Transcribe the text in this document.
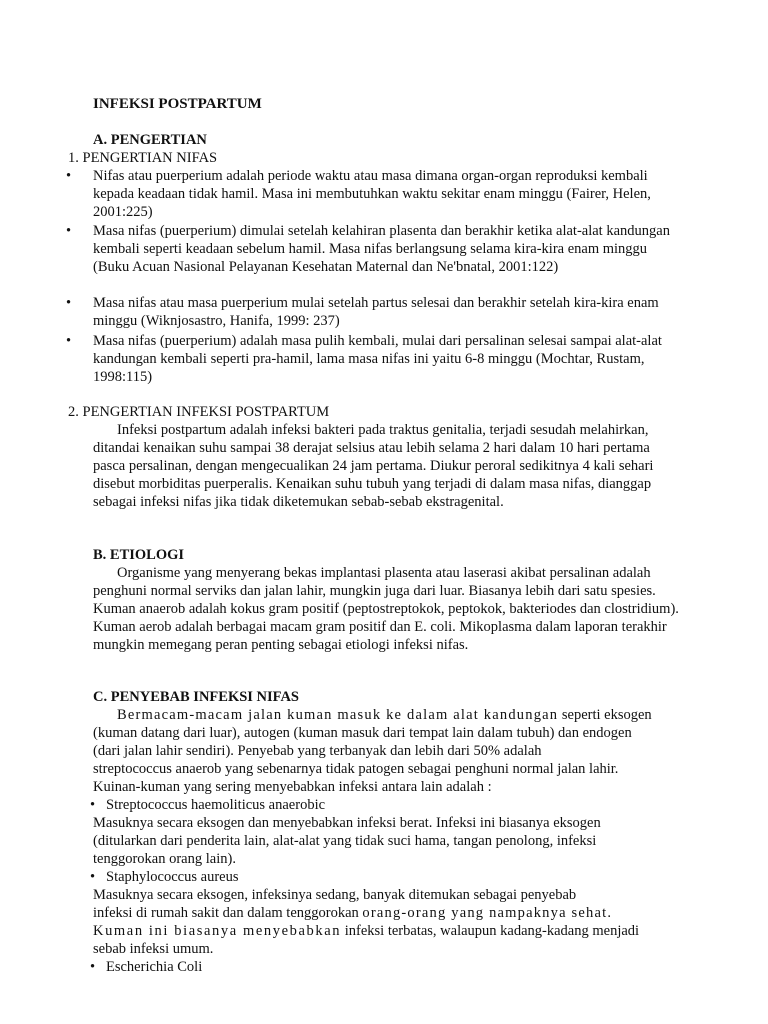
INFEKSI POSTPARTUM
A. PENGERTIAN
1. PENGERTIAN NIFAS
• Nifas atau puerperium adalah periode waktu atau masa dimana organ-organ reproduksi kembali kepada keadaan tidak hamil. Masa ini membutuhkan waktu sekitar enam minggu (Fairer, Helen, 2001:225)
• Masa nifas (puerperium) dimulai setelah kelahiran plasenta dan berakhir ketika alat-alat kandungan kembali seperti keadaan sebelum hamil. Masa nifas berlangsung selama kira-kira enam minggu (Buku Acuan Nasional Pelayanan Kesehatan Maternal dan Ne'bnatal, 2001:122)
• Masa nifas atau masa puerperium mulai setelah partus selesai dan berakhir setelah kira-kira enam minggu (Wiknjosastro, Hanifa, 1999: 237)
• Masa nifas (puerperium) adalah masa pulih kembali, mulai dari persalinan selesai sampai alat-alat kandungan kembali seperti pra-hamil, lama masa nifas ini yaitu 6-8 minggu (Mochtar, Rustam, 1998:115)
2. PENGERTIAN INFEKSI POSTPARTUM
Infeksi postpartum adalah infeksi bakteri pada traktus genitalia, terjadi sesudah melahirkan, ditandai kenaikan suhu sampai 38 derajat selsius atau lebih selama 2 hari dalam 10 hari pertama pasca persalinan, dengan mengecualikan 24 jam pertama. Diukur peroral sedikitnya 4 kali sehari disebut morbiditas puerperalis. Kenaikan suhu tubuh yang terjadi di dalam masa nifas, dianggap sebagai infeksi nifas jika tidak diketemukan sebab-sebab ekstragenital.
B. ETIOLOGI
Organisme yang menyerang bekas implantasi plasenta atau laserasi akibat persalinan adalah penghuni normal serviks dan jalan lahir, mungkin juga dari luar. Biasanya lebih dari satu spesies. Kuman anaerob adalah kokus gram positif (peptostreptokok, peptokok, bakteriodes dan clostridium). Kuman aerob adalah berbagai macam gram positif dan E. coli. Mikoplasma dalam laporan terakhir mungkin memegang peran penting sebagai etiologi infeksi nifas.
C. PENYEBAB INFEKSI NIFAS
Bermacam-macam jalan kuman masuk ke dalam alat kandungan seperti eksogen
(kuman datang dari luar), autogen (kuman masuk dari tempat lain dalam tubuh) dan endogen
(dari jalan lahir sendiri). Penyebab yang terbanyak dan lebih dari 50% adalah
streptococcus anaerob yang sebenarnya tidak patogen sebagai penghuni normal jalan lahir.
Kuinan-kuman yang sering menyebabkan infeksi antara lain adalah :
• Streptococcus haemoliticus anaerobic
Masuknya secara eksogen dan menyebabkan infeksi berat. Infeksi ini biasanya eksogen
(ditularkan dari penderita lain, alat-alat yang tidak suci hama, tangan penolong, infeksi
tenggorokan orang lain).
• Staphylococcus aureus
Masuknya secara eksogen, infeksinya sedang, banyak ditemukan sebagai penyebab
infeksi di rumah sakit dan dalam tenggorokan orang-orang yang nampaknya sehat.
Kuman ini biasanya menyebabkan infeksi terbatas, walaupun kadang-kadang menjadi
sebab infeksi umum.
• Escherichia Coli
